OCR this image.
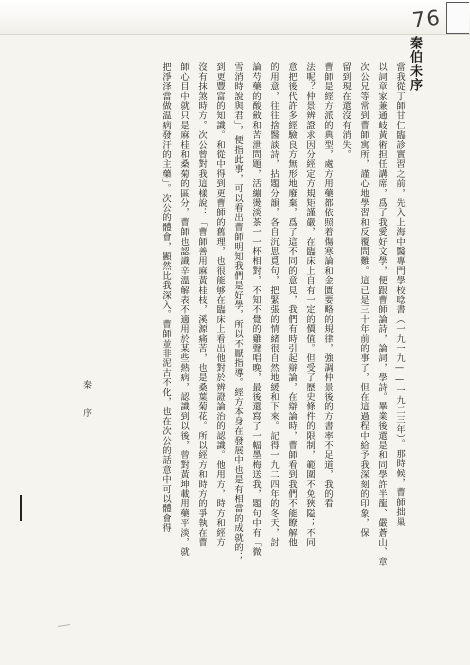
76
秦伯未序
當我從丁師甘仁臨診實習之前，先入上海中醫專門學校唸書（一九一九——一九二三年）。那時候，曹師拙巢
以詞章家兼通岐黃術担任講席，爲了我愛好文學，便跟曹師論詩，論詞，學詩。畢業後還是和同學許半龍、嚴蒼山、章
次公兄等常到曹師寓所，謹心地學習和反覆問難。這已是三十年前的事了，但在這過程中給予我深刻的印象，保
留到現在還沒有消失。
曹師是經方派的典型，處方用藥都依照着傷寒論和金匱要略的規律，強調仲景後的方書率不足道，我的看
法呢？仲景辨證求因分經定方規矩謹嚴，在臨床上自有一定的價值。但受了歷史條件的限制，範圍不免狹隘；不同
意把後代許多經驗良方無形地廢棄，爲了這不同的意見，我們有時引起辯論，在辯論時，曹師看到我們不能瞭解他
的用意，往往捨醫談詩，拈題分韻，各自沉思覓句，把緊張的情緒很自然地緩和下來。記得一九二四年的冬天，討
論芍藥的酸斂和苦泄問題，活繃燙淡茶一一杯相對，不知不覺的雞聲唱晚，最後還寫了一幅墨梅送我，題句中有「微
雪消時說與君」，便指此事，可以看出曹師明知我們是好學，所以不厭指導。經方本身在發展中也是有相當的成就的；
到更豐富的知識。和從中得到更曹師的舊理，也很能够在臨床上看出他對於辨證論治的認識。他用方，時方和經方
沒有抹煞時方。次公曾對我這樣說：「曹師善用麻黃桂枝，溪源痛苦，也是桑葉菊花。所以經方和時方的爭執在曹
師心目中就只是麻桂和桑菊的區分，曹師也認識辛溫解表不適用於某些熱病，認識到以後，曾對黃坤載用藥平淡，就
把淨泽當做温病發汗的主藥」。次公的體會，顯然比我深入。曹師並非泥古不化，也在次公的話意中可以體會得
秦 序
